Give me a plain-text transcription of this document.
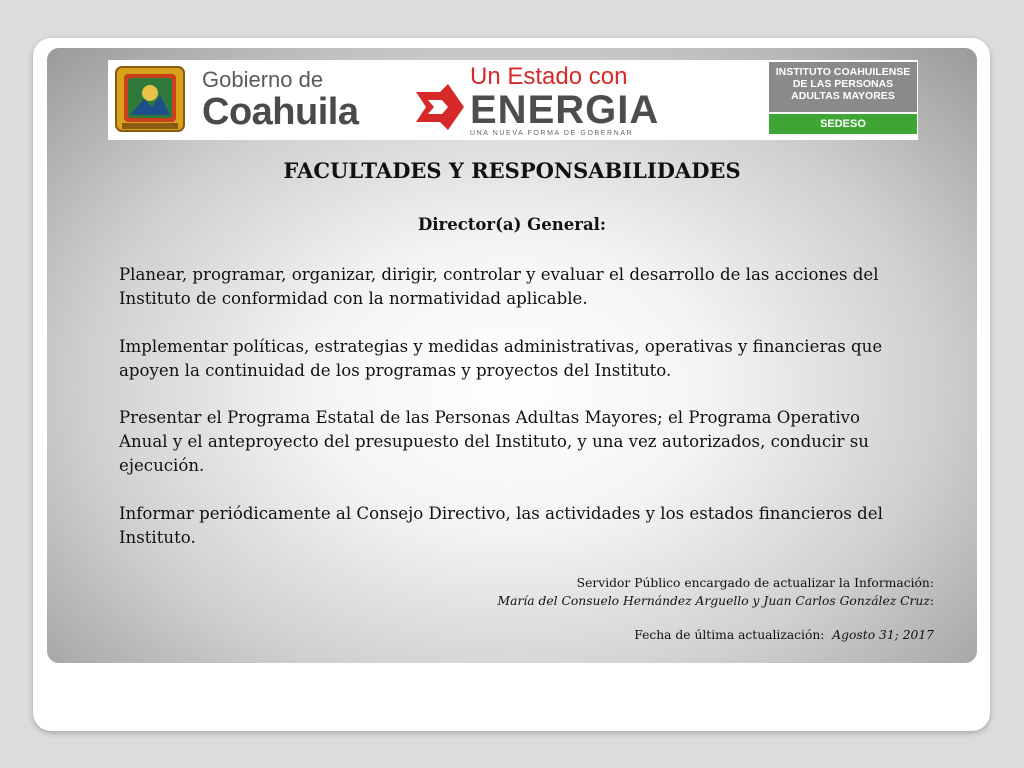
Gobierno de
Coahuila
Un Estado con
ENERGIA
UNA NUEVA FORMA DE GOBERNAR
INSTITUTO COAHUILENSE
DE LAS PERSONAS
ADULTAS MAYORES
SEDESO
FACULTADES Y RESPONSABILIDADES
Director(a) General:

Planear, programar, organizar, dirigir, controlar y evaluar el desarrollo de las acciones del Instituto de conformidad con la normatividad aplicable.

Implementar políticas, estrategias y medidas administrativas, operativas y financieras que apoyen la continuidad de los programas y proyectos del Instituto.

Presentar el Programa Estatal de las Personas Adultas Mayores; el Programa Operativo Anual y el anteproyecto del presupuesto del Instituto, y una vez autorizados, conducir su ejecución.

Informar periódicamente al Consejo Directivo, las actividades y los estados financieros del Instituto.

Servidor Público encargado de actualizar la Información:
María del Consuelo Hernández Arguello y Juan Carlos González Cruz:
Fecha de última actualización: Agosto 31; 2017
